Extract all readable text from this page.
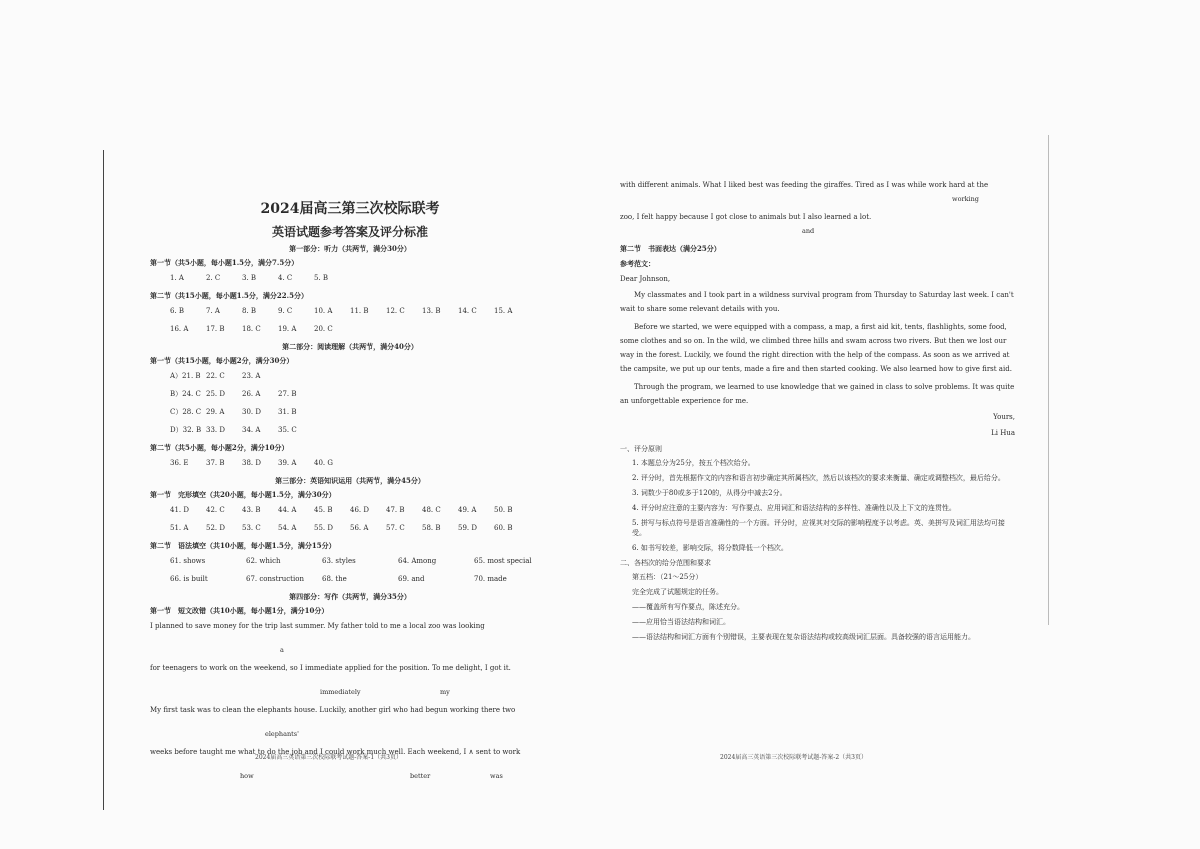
2024届高三第三次校际联考
英语试题参考答案及评分标准
第一部分：听力（共两节，满分30分）
第一节（共5小题，每小题1.5分，满分7.5分）
1. A	2. C	3. B	4. C	5. B
第二节（共15小题，每小题1.5分，满分22.5分）
6. B	7. A	8. B	9. C	10. A	11. B	12. C	13. B	14. C	15. A
16. A	17. B	18. C	19. A	20. C
第二部分：阅读理解（共两节，满分40分）
第一节（共15小题，每小题2分，满分30分）
A）21. B 22. C	23. A
B）24. C 25. D	26. A	27. B
C）28. C 29. A	30. D	31. B
D）32. B 33. D	34. A	35. C
第二节（共5小题，每小题2分，满分10分）
36. E	37. B	38. D	39. A	40. G
第三部分：英语知识运用（共两节，满分45分）
第一节　完形填空（共20小题，每小题1.5分，满分30分）
41. D	42. C	43. B	44. A	45. B	46. D	47. B	48. C	49. A	50. B
51. A	52. D	53. C	54. A	55. D	56. A	57. C	58. B	59. D	60. B
第二节　语法填空（共10小题，每小题1.5分，满分15分）
61. shows	62. which	63. styles	64. Among	65. most special
66. is built	67. construction	68. the	69. and	70. made
第四部分：写作（共两节，满分35分）
第一节　短文改错（共10小题，每小题1分，满分10分）
I planned to save money for the trip last summer. My father told to me a local zoo was looking
a
for teenagers to work on the weekend, so I immediate applied for the position. To me delight, I got it.
immediately	my
My first task was to clean the elephants house. Luckily, another girl who had begun working there two
elephants'
weeks before taught me what to do the job and I could work much well. Each weekend, I ∧ sent to work
how	better	was
2024届高三英语第三次校际联考试题-答案-1（共3页）
with different animals. What I liked best was feeding the giraffes. Tired as I was while work hard at the
working
zoo, I felt happy because I got close to animals but I also learned a lot.
and
第二节　书面表达（满分25分）
参考范文：
Dear Johnson,
My classmates and I took part in a wildness survival program from Thursday to Saturday last week. I can't wait to share some relevant details with you.
Before we started, we were equipped with a compass, a map, a first aid kit, tents, flashlights, some food, some clothes and so on. In the wild, we climbed three hills and swam across two rivers. But then we lost our way in the forest. Luckily, we found the right direction with the help of the compass. As soon as we arrived at the campsite, we put up our tents, made a fire and then started cooking. We also learned how to give first aid.
Through the program, we learned to use knowledge that we gained in class to solve problems. It was quite an unforgettable experience for me.
Yours,
Li Hua
一、评分原则
1. 本题总分为25分，按五个档次给分。
2. 评分时，首先根据作文的内容和语言初步确定其所属档次，然后以该档次的要求来衡量、确定或调整档次，最后给分。
3. 词数少于80或多于120的，从得分中减去2分。
4. 评分时应注意的主要内容为：写作要点、应用词汇和语法结构的多样性、准确性以及上下文的连贯性。
5. 拼写与标点符号是语言准确性的一个方面。评分时，应视其对交际的影响程度予以考虑。英、美拼写及词汇用法均可接受。
6. 如书写较差，影响交际，将分数降低一个档次。
二、各档次的给分范围和要求
第五档：（21～25分）
完全完成了试题规定的任务。
——覆盖所有写作要点，陈述充分。
——应用恰当语法结构和词汇。
——语法结构和词汇方面有个别错误，主要表现在复杂语法结构或较高级词汇层面。具备较强的语言运用能力。
2024届高三英语第三次校际联考试题-答案-2（共3页）
